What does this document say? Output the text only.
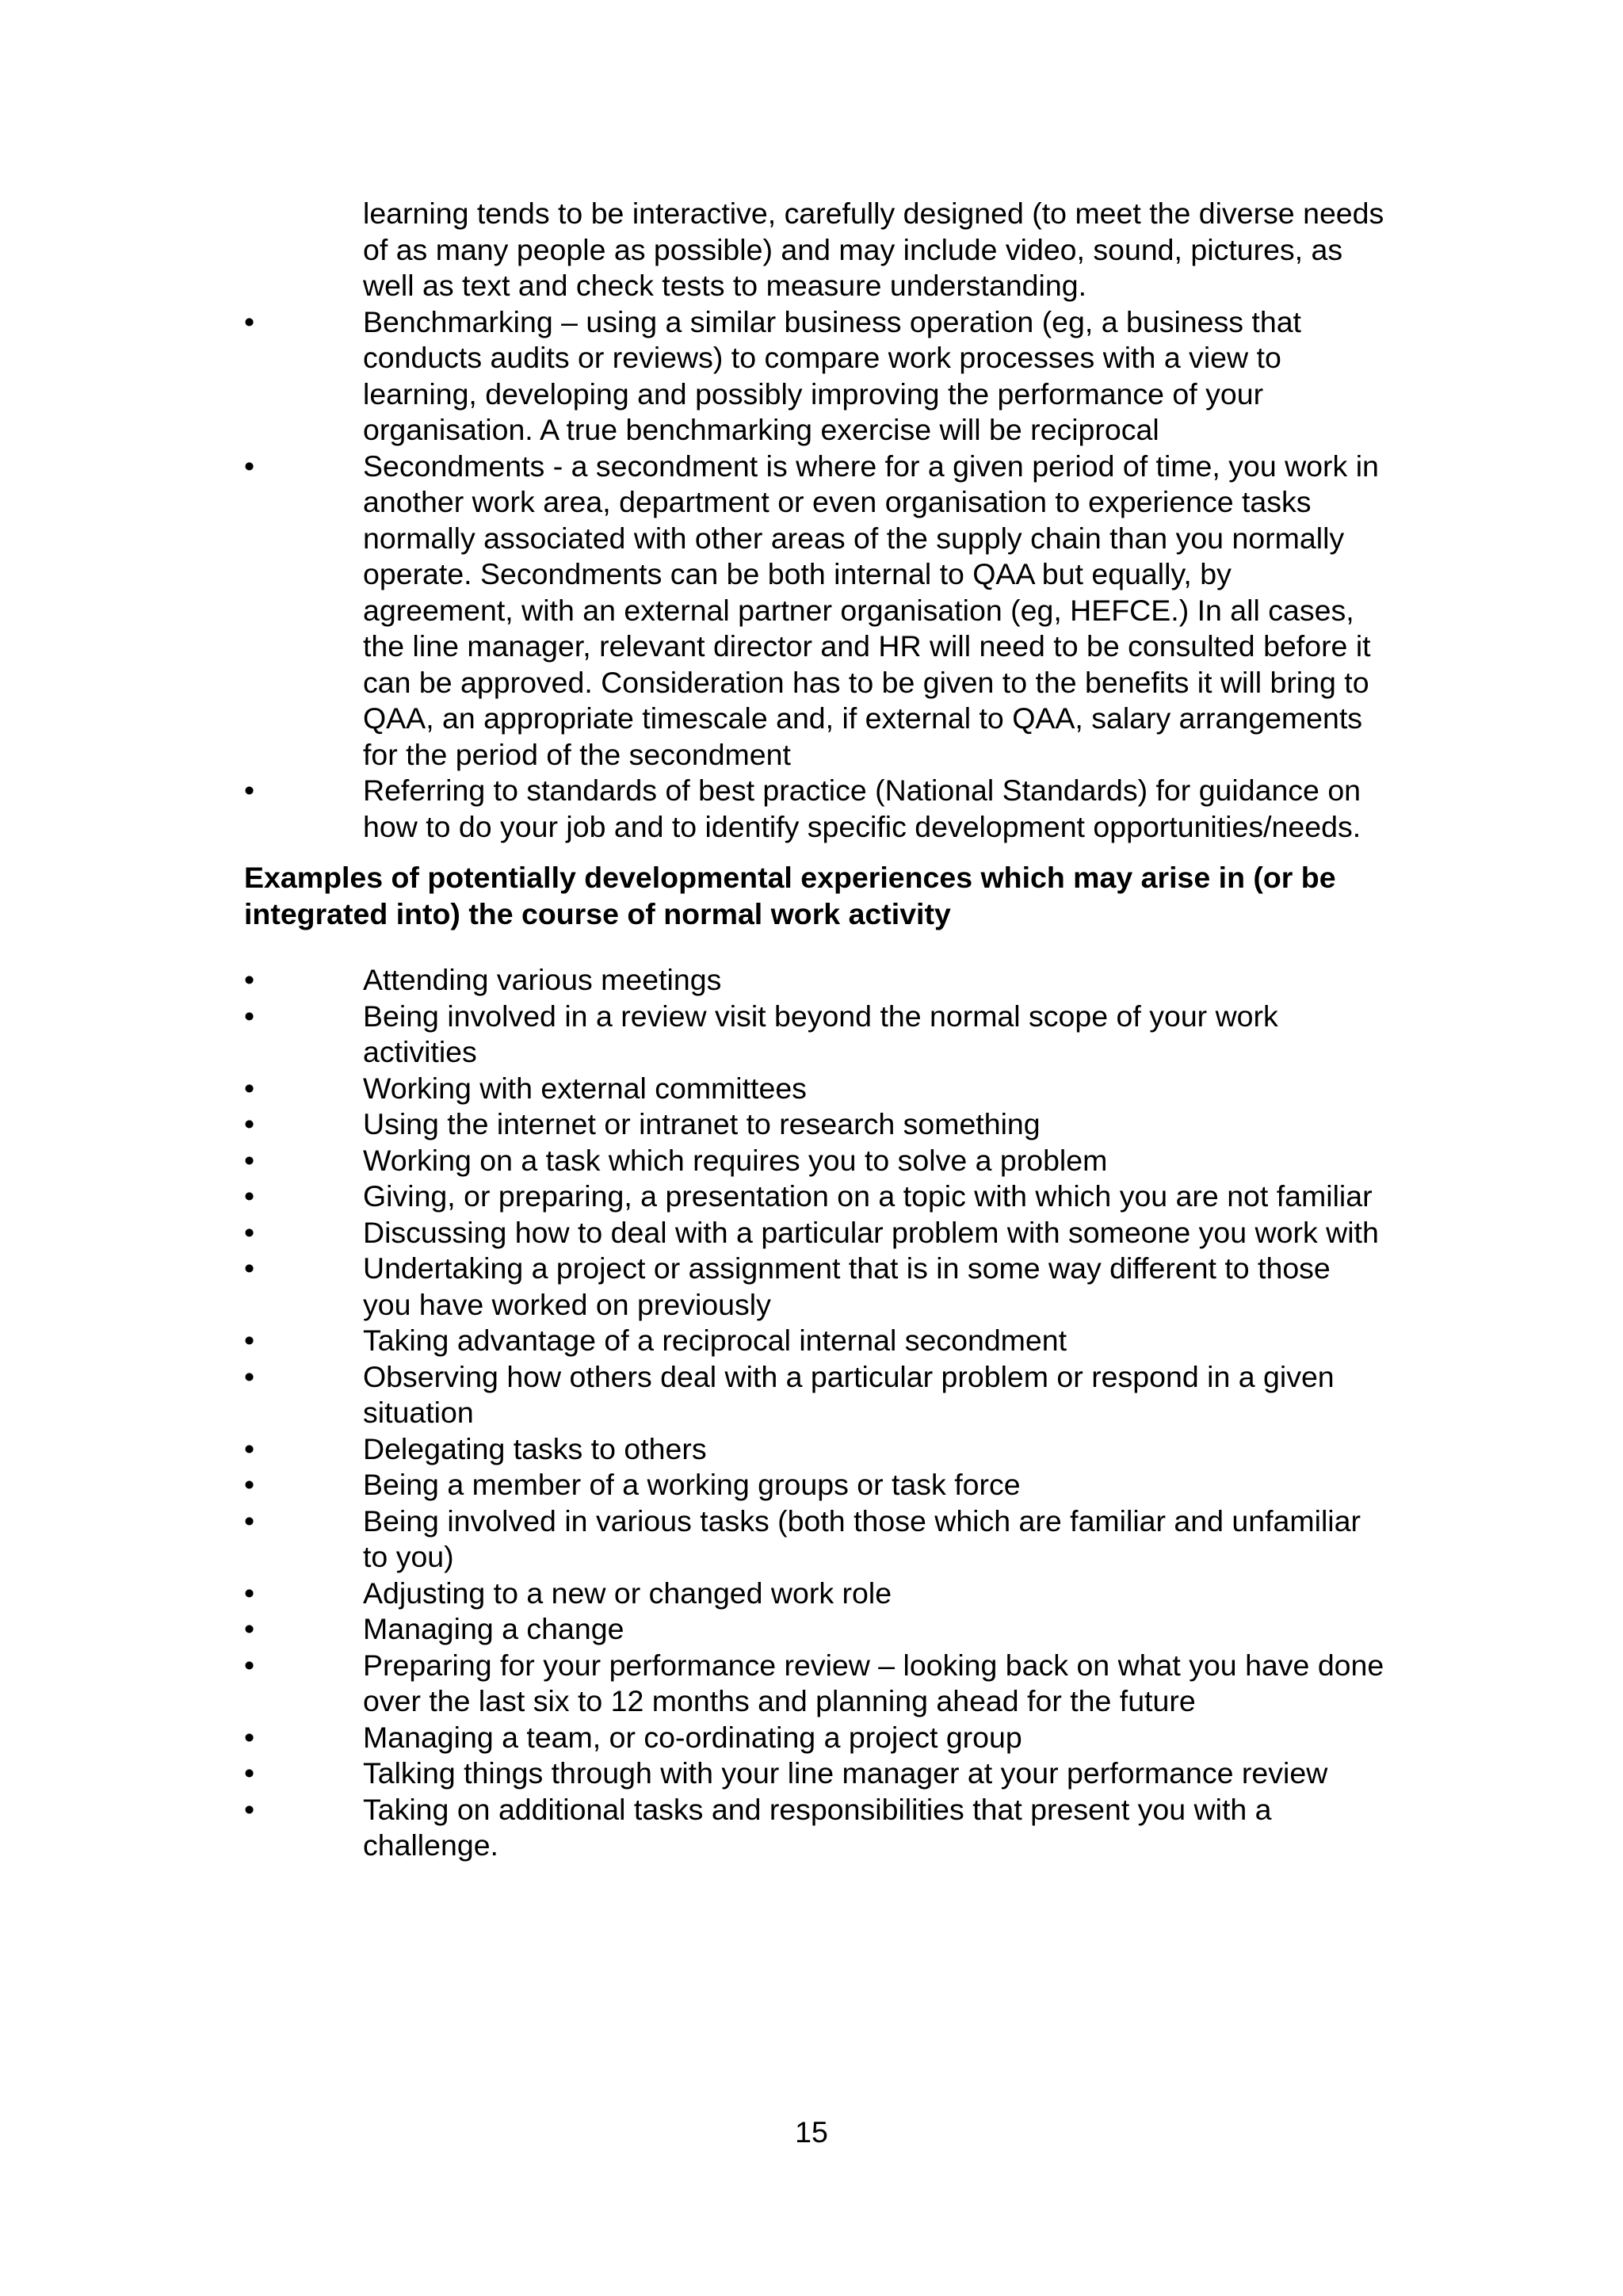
learning tends to be interactive, carefully designed (to meet the diverse needs of as many people as possible) and may include video, sound, pictures, as well as text and check tests to measure understanding.
•	Benchmarking – using a similar business operation (eg, a business that conducts audits or reviews) to compare work processes with a view to learning, developing and possibly improving the performance of your organisation. A true benchmarking exercise will be reciprocal
•	Secondments - a secondment is where for a given period of time, you work in another work area, department or even organisation to experience tasks normally associated with other areas of the supply chain than you normally operate. Secondments can be both internal to QAA but equally, by agreement, with an external partner organisation (eg, HEFCE.) In all cases, the line manager, relevant director and HR will need to be consulted before it can be approved. Consideration has to be given to the benefits it will bring to QAA, an appropriate timescale and, if external to QAA, salary arrangements for the period of the secondment
•	Referring to standards of best practice (National Standards) for guidance on how to do your job and to identify specific development opportunities/needs.

Examples of potentially developmental experiences which may arise in (or be integrated into) the course of normal work activity

•	Attending various meetings
•	Being involved in a review visit beyond the normal scope of your work activities
•	Working with external committees
•	Using the internet or intranet to research something
•	Working on a task which requires you to solve a problem
•	Giving, or preparing, a presentation on a topic with which you are not familiar
•	Discussing how to deal with a particular problem with someone you work with
•	Undertaking a project or assignment that is in some way different to those you have worked on previously
•	Taking advantage of a reciprocal internal secondment
•	Observing how others deal with a particular problem or respond in a given situation
•	Delegating tasks to others
•	Being a member of a working groups or task force
•	Being involved in various tasks (both those which are familiar and unfamiliar to you)
•	Adjusting to a new or changed work role
•	Managing a change
•	Preparing for your performance review – looking back on what you have done over the last six to 12 months and planning ahead for the future
•	Managing a team, or co-ordinating a project group
•	Talking things through with your line manager at your performance review
•	Taking on additional tasks and responsibilities that present you with a challenge.

15
